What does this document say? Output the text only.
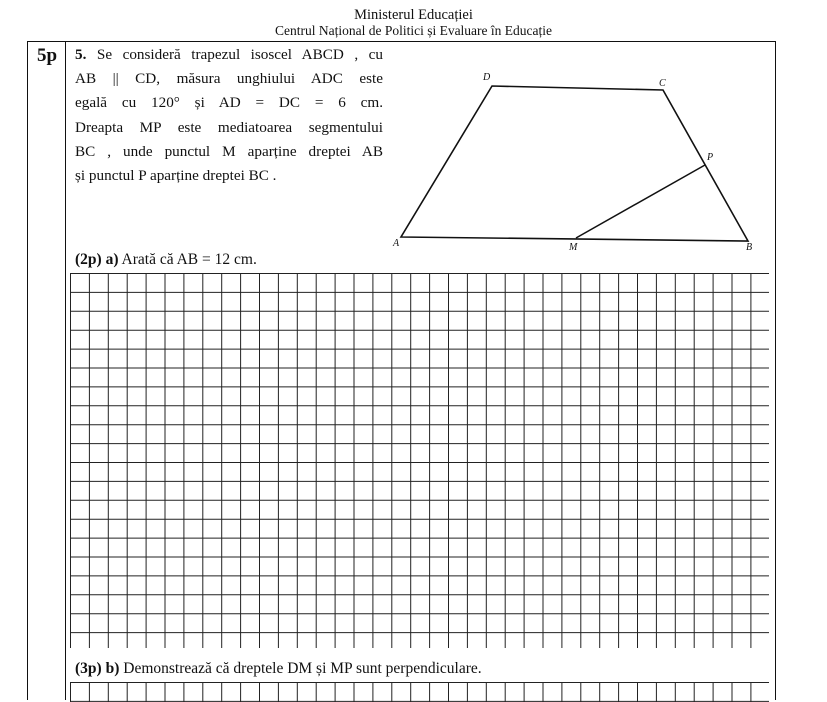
Ministerul Educației
Centrul Național de Politici și Evaluare în Educație
5p	5. Se consideră trapezul isoscel ABCD , cu

AB || CD, măsura unghiului ADC este

egală cu 120° și AD = DC = 6 cm.

Dreapta MP este mediatoarea segmentului

BC , unde punctul M aparține dreptei AB

și punctul P aparține dreptei BC .

A	B
C
D
M
P
(2p) a) Arată că AB = 12 cm.
(3p) b) Demonstrează că dreptele DM și MP sunt perpendiculare.
